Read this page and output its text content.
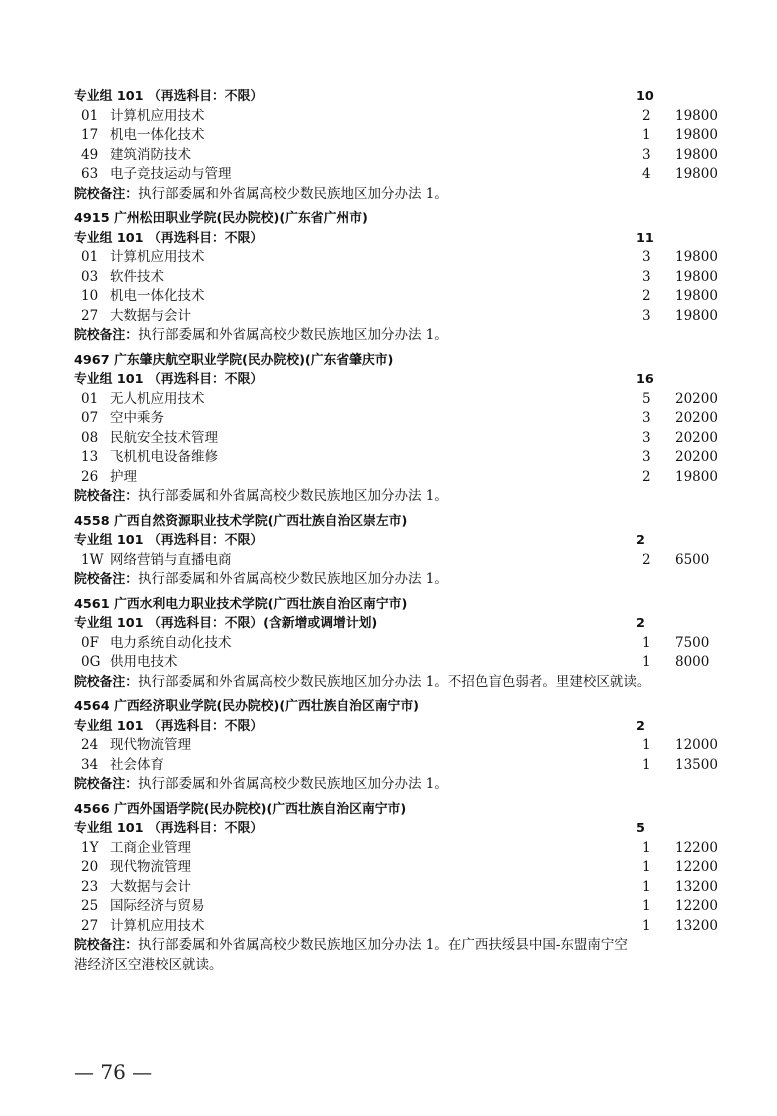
专业组 101 （再选科目：不限）	10
01 计算机应用技术	2 19800
17 机电一体化技术	1 19800
49 建筑消防技术	3 19800
63 电子竞技运动与管理	4 19800
院校备注：执行部委属和外省属高校少数民族地区加分办法 1。
4915 广州松田职业学院(民办院校)(广东省广州市)
专业组 101 （再选科目：不限）	11
01 计算机应用技术	3 19800
03 软件技术	3 19800
10 机电一体化技术	2 19800
27 大数据与会计	3 19800
院校备注：执行部委属和外省属高校少数民族地区加分办法 1。
4967 广东肇庆航空职业学院(民办院校)(广东省肇庆市)
专业组 101 （再选科目：不限）	16
01 无人机应用技术	5 20200
07 空中乘务	3 20200
08 民航安全技术管理	3 20200
13 飞机机电设备维修	3 20200
26 护理	2 19800
院校备注：执行部委属和外省属高校少数民族地区加分办法 1。
4558 广西自然资源职业技术学院(广西壮族自治区崇左市)
专业组 101 （再选科目：不限）	2
1W 网络营销与直播电商	2 6500
院校备注：执行部委属和外省属高校少数民族地区加分办法 1。
4561 广西水利电力职业技术学院(广西壮族自治区南宁市)
专业组 101 （再选科目：不限）(含新增或调增计划)	2
0F 电力系统自动化技术	1 7500
0G 供用电技术	1 8000
院校备注：执行部委属和外省属高校少数民族地区加分办法 1。不招色盲色弱者。里建校区就读。
4564 广西经济职业学院(民办院校)(广西壮族自治区南宁市)
专业组 101 （再选科目：不限）	2
24 现代物流管理	1 12000
34 社会体育	1 13500
院校备注：执行部委属和外省属高校少数民族地区加分办法 1。
4566 广西外国语学院(民办院校)(广西壮族自治区南宁市)
专业组 101 （再选科目：不限）	5
1Y 工商企业管理	1 12200
20 现代物流管理	1 12200
23 大数据与会计	1 13200
25 国际经济与贸易	1 12200
27 计算机应用技术	1 13200
院校备注：执行部委属和外省属高校少数民族地区加分办法 1。在广西扶绥县中国-东盟南宁空
港经济区空港校区就读。
— 76 —
